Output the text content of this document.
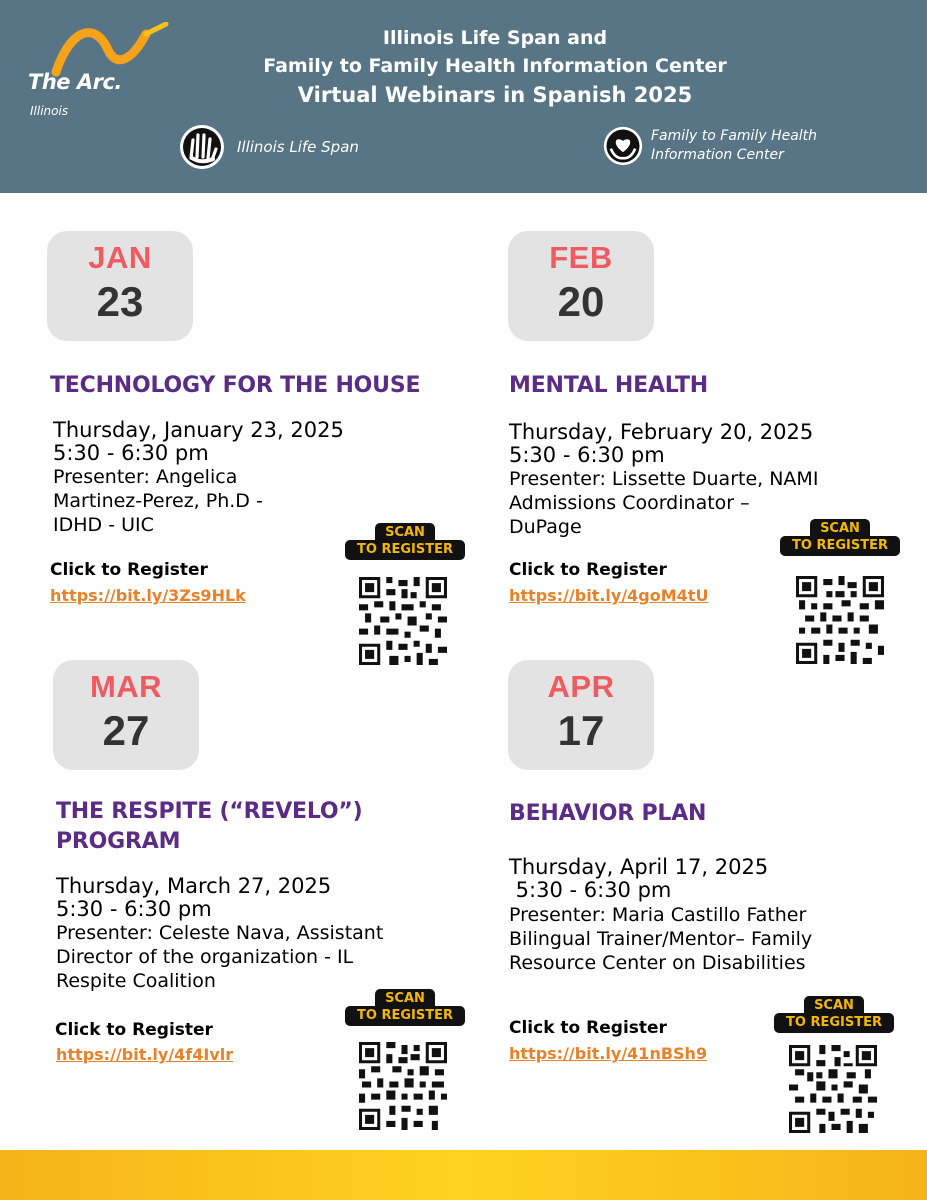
The Arc.
Illinois
Illinois Life Span and
Family to Family Health Information Center
Virtual Webinars in Spanish 2025
Illinois Life Span
Family to Family Health
Information Center
JAN
23
TECHNOLOGY FOR THE HOUSE
Thursday, January 23, 2025
5:30 - 6:30 pm
Presenter: Angelica
Martinez-Perez, Ph.D -
IDHD - UIC
Click to Register
https://bit.ly/3Zs9HLk
SCAN
TO REGISTER
FEB
20
MENTAL HEALTH
Thursday, February 20, 2025
5:30 - 6:30 pm
Presenter: Lissette Duarte, NAMI
Admissions Coordinator –
DuPage
Click to Register
https://bit.ly/4goM4tU
SCAN
TO REGISTER
MAR
27
THE RESPITE (“REVELO”)
PROGRAM
Thursday, March 27, 2025
5:30 - 6:30 pm
Presenter: Celeste Nava, Assistant
Director of the organization - IL
Respite Coalition
Click to Register
https://bit.ly/4f4Ivlr
SCAN
TO REGISTER
APR
17
BEHAVIOR PLAN
Thursday, April 17, 2025
5:30 - 6:30 pm
Presenter: Maria Castillo Father
Bilingual Trainer/Mentor– Family
Resource Center on Disabilities
Click to Register
https://bit.ly/41nBSh9
SCAN
TO REGISTER
